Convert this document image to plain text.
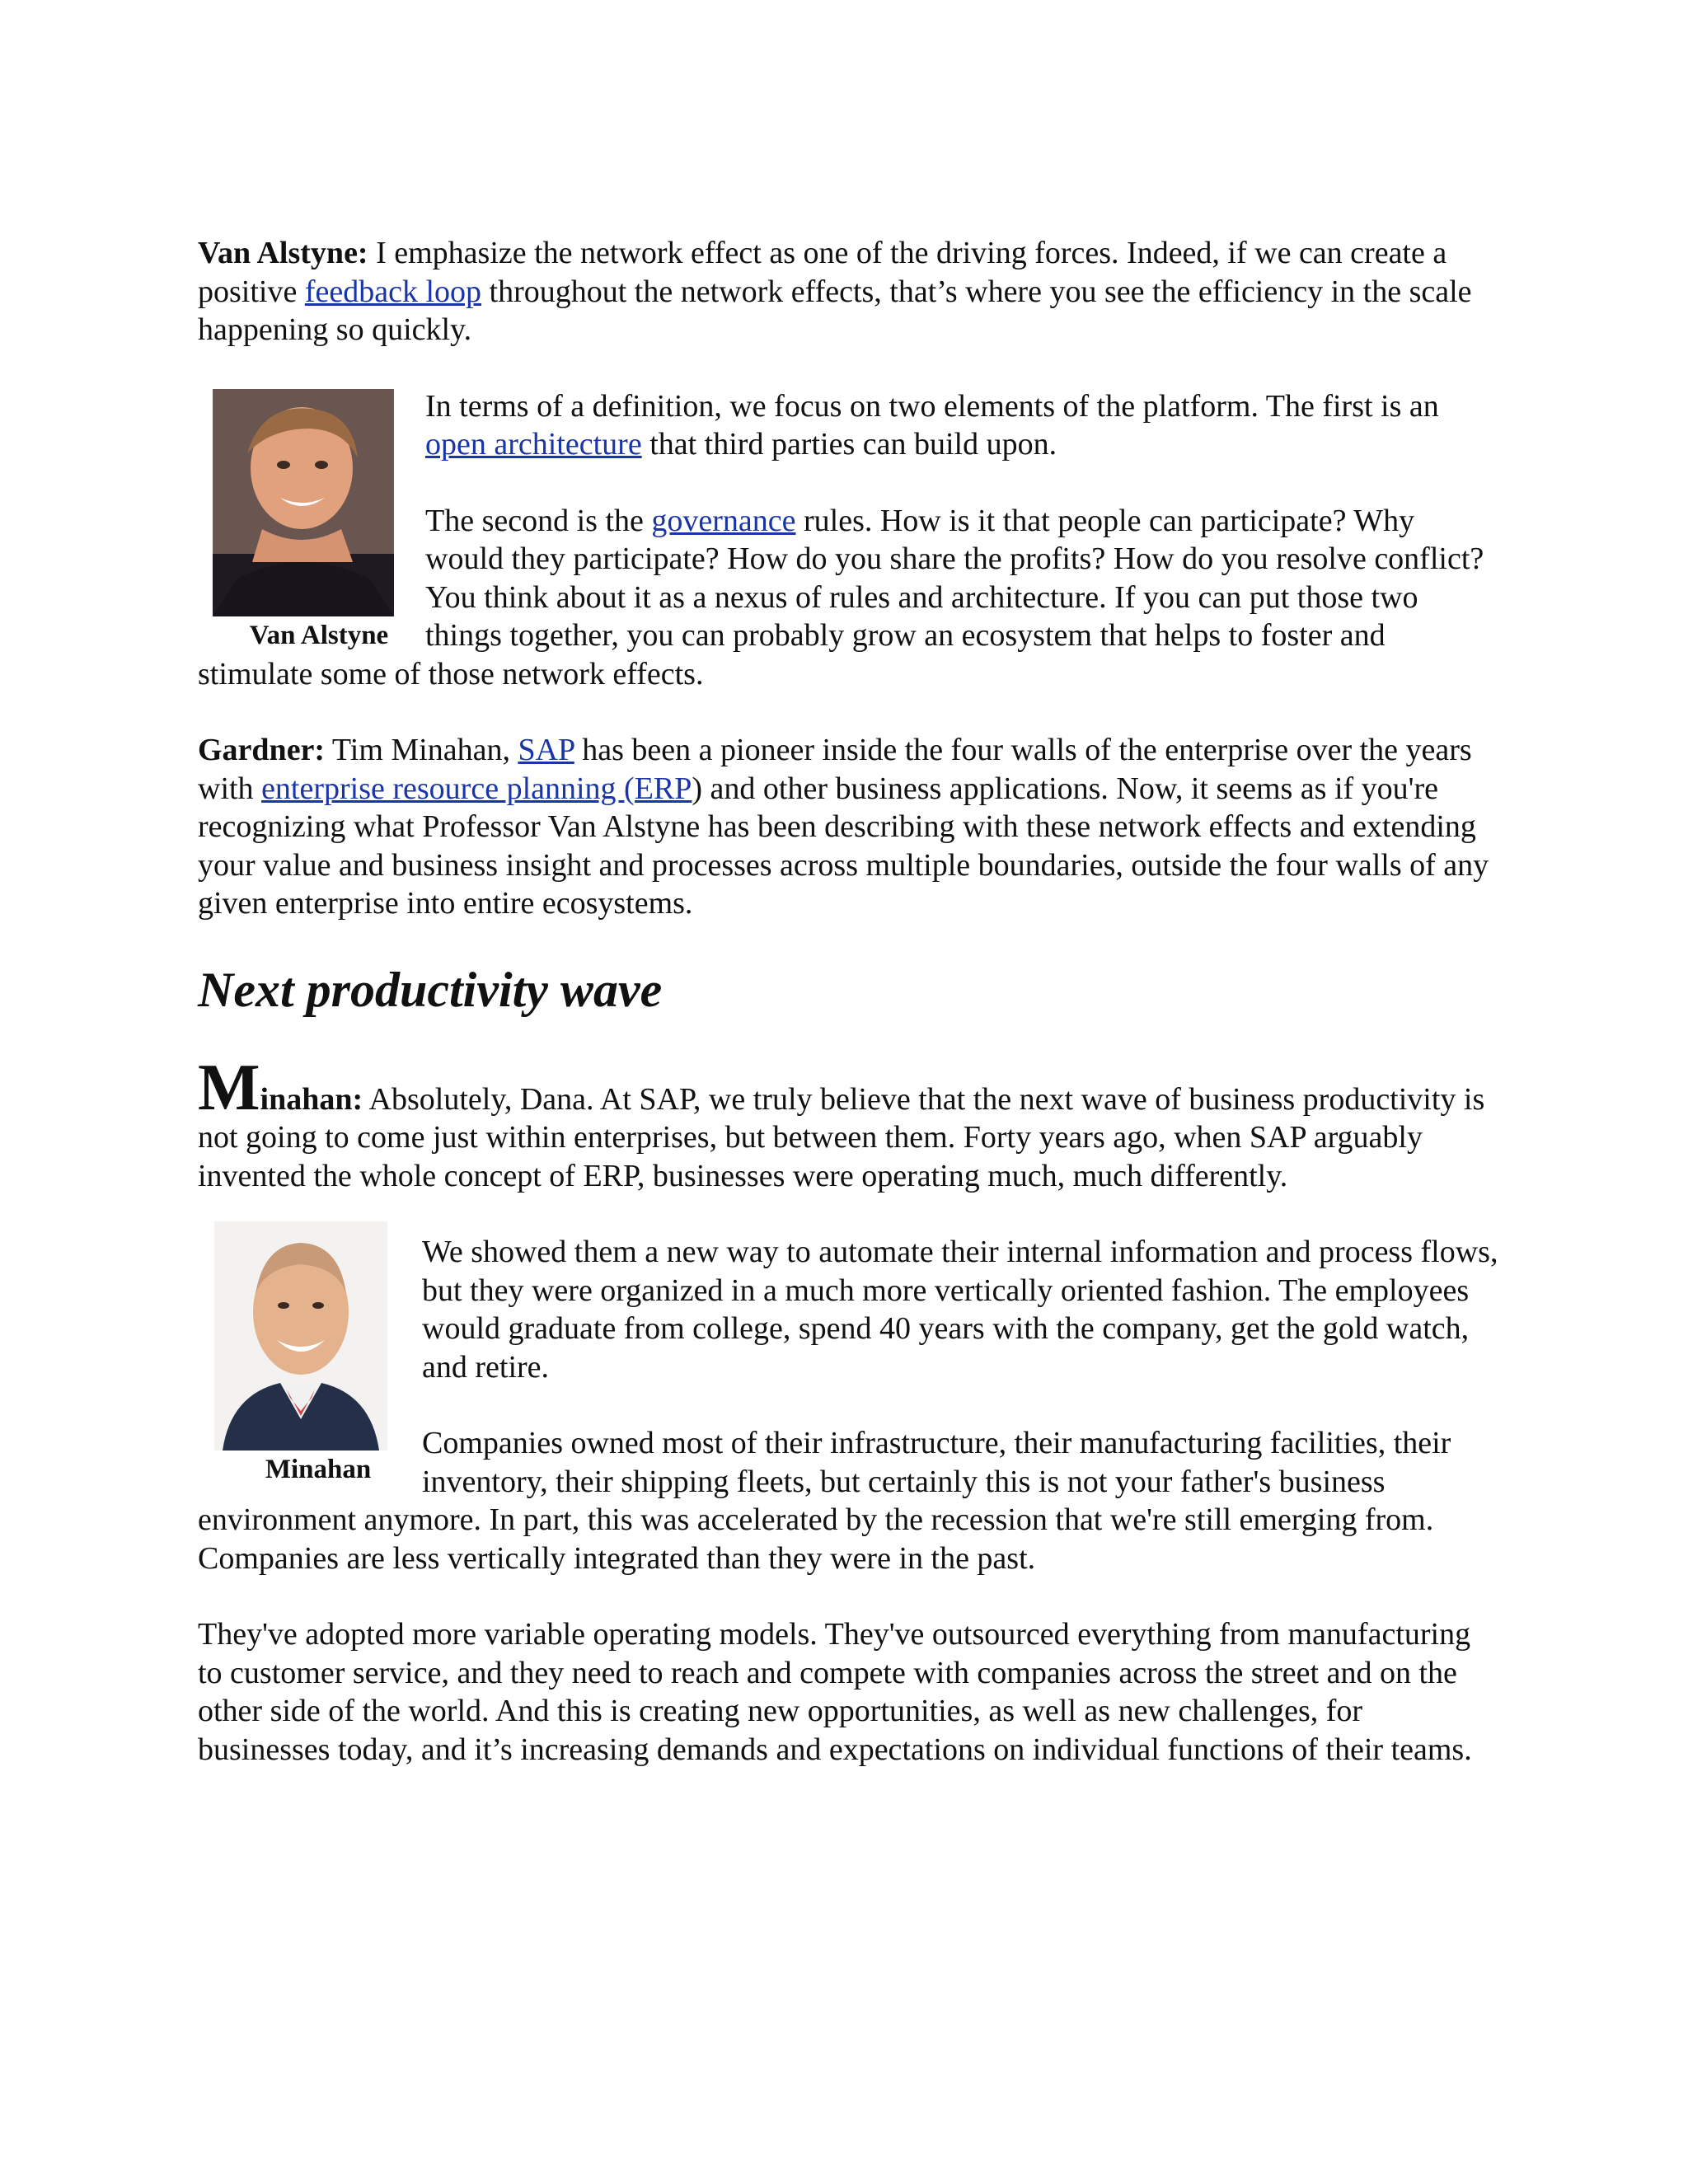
Van Alstyne: I emphasize the network effect as one of the driving forces. Indeed, if we can create a positive feedback loop throughout the network effects, that’s where you see the efficiency in the scale happening so quickly.

Van Alstyne

In terms of a definition, we focus on two elements of the platform. The first is an open architecture that third parties can build upon.

The second is the governance rules. How is it that people can participate? Why would they participate? How do you share the profits? How do you resolve conflict? You think about it as a nexus of rules and architecture. If you can put those two things together, you can probably grow an ecosystem that helps to foster and stimulate some of those network effects.

Gardner: Tim Minahan, SAP has been a pioneer inside the four walls of the enterprise over the years with enterprise resource planning (ERP) and other business applications. Now, it seems as if you're recognizing what Professor Van Alstyne has been describing with these network effects and extending your value and business insight and processes across multiple boundaries, outside the four walls of any given enterprise into entire ecosystems.

Next productivity wave

Minahan: Absolutely, Dana. At SAP, we truly believe that the next wave of business productivity is not going to come just within enterprises, but between them. Forty years ago, when SAP arguably invented the whole concept of ERP, businesses were operating much, much differently.

Minahan

We showed them a new way to automate their internal information and process flows, but they were organized in a much more vertically oriented fashion. The employees would graduate from college, spend 40 years with the company, get the gold watch, and retire.

Companies owned most of their infrastructure, their manufacturing facilities, their inventory, their shipping fleets, but certainly this is not your father's business environment anymore. In part, this was accelerated by the recession that we're still emerging from. Companies are less vertically integrated than they were in the past.

They've adopted more variable operating models. They've outsourced everything from manufacturing to customer service, and they need to reach and compete with companies across the street and on the other side of the world. And this is creating new opportunities, as well as new challenges, for businesses today, and it’s increasing demands and expectations on individual functions of their teams.
